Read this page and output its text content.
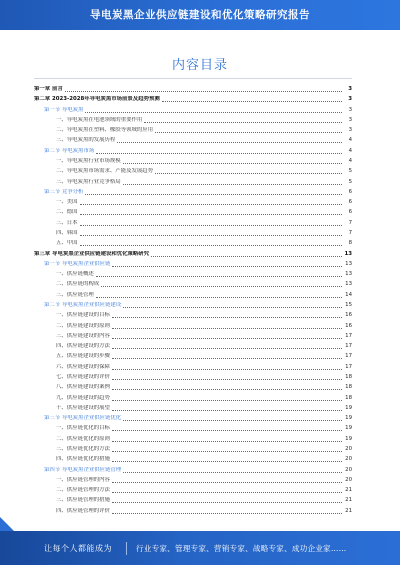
导电炭黑企业供应链建设和优化策略研究报告
内容目录
第一章 前言	3
第二章 2023-2028年导电炭黑市场前景及趋势预测	3
第一节 导电炭黑	3
一、导电炭黑在电池领域的重要作用	3
二、导电炭黑在塑料、橡胶等领域的应用	3
三、导电炭黑的发展历程	4
第二节 导电炭黑市场	4
一、导电炭黑行业市场规模	4
二、导电炭黑市场需求、产能及发展趋势	5
三、导电炭黑行业竞争格局	5
第三节 竞争分析	6
一、美国	6
二、德国	6
三、日本	7
四、韩国	7
五、中国	8
第三章 导电炭黑企业供应链建设和优化策略研究	13
第一节 导电炭黑企业供应链	13
一、供应链概述	13
二、供应链的构成	13
三、供应链管理	14
第二节 导电炭黑企业供应链建设	15
一、供应链建设的目标	16
二、供应链建设的原则	16
三、供应链建设的内容	17
四、供应链建设的方法	17
五、供应链建设的步骤	17
六、供应链建设的保障	17
七、供应链建设的评价	18
八、供应链建设的案例	18
九、供应链建设的趋势	18
十、供应链建设的展望	19
第三节 导电炭黑企业供应链优化	19
一、供应链优化的目标	19
二、供应链优化的原则	19
三、供应链优化的方法	20
四、供应链优化的措施	20
第四节 导电炭黑企业供应链管理	20
一、供应链管理的内容	20
二、供应链管理的方法	21
三、供应链管理的措施	21
四、供应链管理的评价	21
让每个人都能成为	行业专家、管理专家、营销专家、战略专家、成功企业家……
